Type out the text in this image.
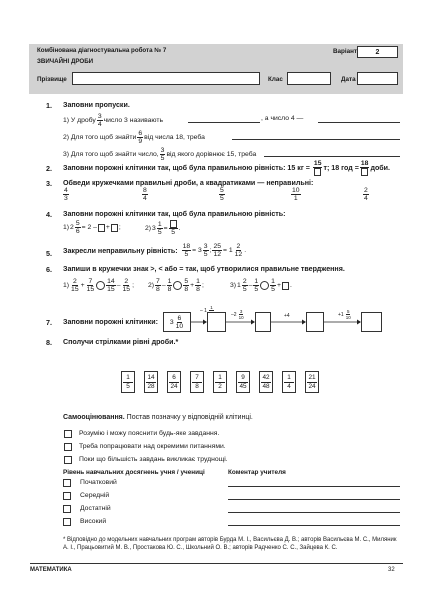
Комбінована діагностувальна робота № 7
ЗВИЧАЙНІ ДРОБИ
Варіант	2
Прізвище	Клас	Дата
1. Заповни пропуски.
1) У дробу $\frac{3}{4}$ число 3 називають	, а число 4 —
2) Для того щоб знайти $\frac{6}{9}$ від числа 18, треба
3) Для того щоб знайти число, $\frac{3}{5}$ від якого дорівнює 15, треба
2. Заповни порожні клітинки так, щоб була правильною рівність: 15 кг =
15
т; 18 год =
18
доби.
3. Обведи кружечками правильні дроби, а квадратиками — неправильні:
$\frac{4}{3}$	$\frac{8}{4}$	$\frac{5}{5}$	$\frac{10}{1}$	$\frac{2}{4}$
4. Заповни порожні клітинки так, щоб була правильною рівність:
1) $2 \frac{5}{6} = 2$ – + ;	2) $3 \frac{1}{5}$ =
5
.
5. Закресли неправильну рівність: $\frac{18}{5} = 3 \frac{3}{5}$ ; $\frac{25}{12} = 1 \frac{2}{12}$ .
6. Запиши в кружечки знак >, < або = так, щоб утворилися правильне твердження.
$1) \frac{2}{15} + \frac{7}{15} \frac{14}{15} - \frac{2}{15}$ ; $2) \frac{7}{8} - \frac{1}{8} \frac{5}{8} + \frac{1}{8}$ ;	3) $1 \frac{2}{5} - \frac{1}{5} \frac{1}{5}$ + .
7. Заповни порожні клітинки: $3 \frac{6}{10}$
– 1 1
$-2 \frac{3}{10}$	+4	$+1 \frac{5}{10}$
8. Сполучи стрілками рівні дроби.*
1
5
14
28
6
24
7
8
1
2
9
45
42
48
1
4
21
24
Самооцінювання. Постав позначку у відповідній клітинці.
Розумію і можу пояснити будь-яке завдання.
Треба попрацювати над окремими питаннями.
Поки що більшість завдань викликає труднощі.
Рівень навчальних досягнень учня / учениці	Коментар учителя
Початковий
Середній
Достатній
Високий
* Відповідно до модельних навчальних програм авторів Бурда М. І., Васильєва Д. В.; авторів Васильєва М. С., Миляник А. І., Працьовитий М. В., Простакова Ю. С., Школьний О. В.; авторів Радченко С. С., Зайцева К. С.
МАТЕМАТИКА	32
